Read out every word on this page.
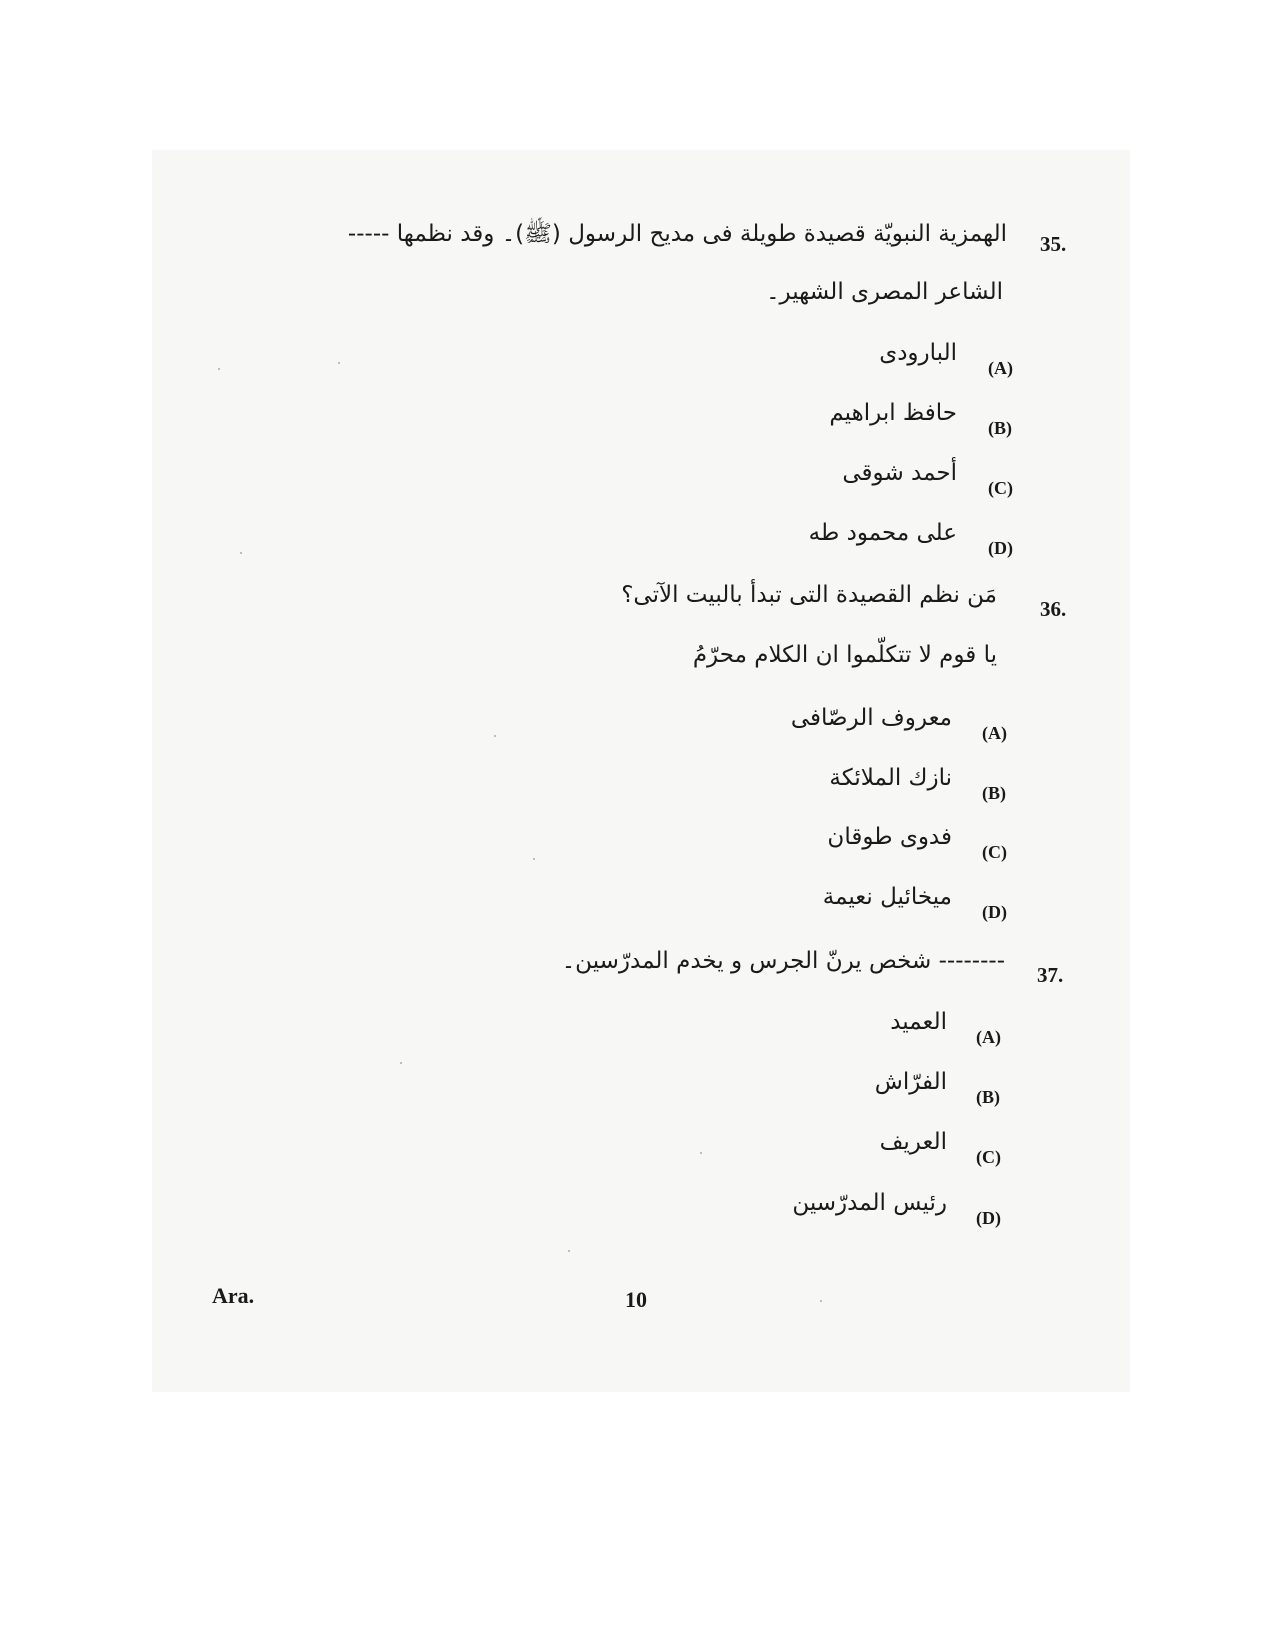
35.
الهمزية النبويّة قصيدة طويلة فى مديح الرسول (ﷺ)۔ وقد نظمها -----
الشاعر المصرى الشهير۔
(A)
البارودى
(B)
حافظ ابراهيم
(C)
أحمد شوقى
(D)
على محمود طه
36.
مَن نظم القصيدة التى تبدأ بالبيت الآتى؟
يا قوم لا تتكلّموا ان الكلام محرّمُ
(A)
معروف الرصّافى
(B)
نازك الملائكة
(C)
فدوى طوقان
(D)
ميخائيل نعيمة
37.
-------- شخص يرنّ الجرس و يخدم المدرّسين۔
(A)
العميد
(B)
الفرّاش
(C)
العريف
(D)
رئيس المدرّسين
Ara.	10
